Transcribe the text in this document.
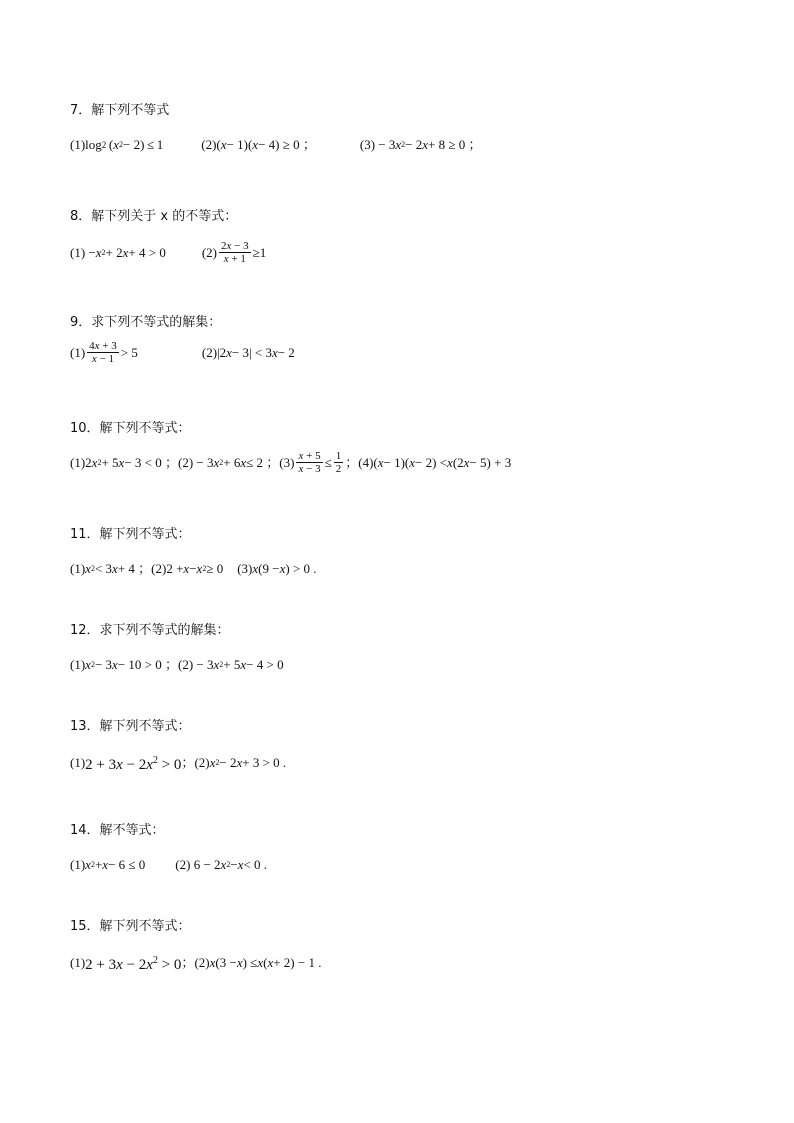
7．解下列不等式

(1)log 2  ( x 2 − 2) ≤ 1	(2)( x − 1)( x − 4) ≥ 0 ；	(3) − 3 x 2 − 2 x + 8 ≥ 0 ；

8．解下列关于 x 的不等式：

(1) − x 2 + 2 x + 4 > 0	$(2) \frac{2x - 3}{x + 1} \ge 1$

9．求下列不等式的解集：

$(1) \frac{4x + 3}{x - 1} > 5$	(2)|2 x − 3| < 3 x − 2

10．解下列不等式：

(1)2 x 2 + 5 x − 3 < 0 ； (2) − 3 x 2 + 6 x ≤ 2 ； $(3) \frac{x + 5}{x - 3} \le \frac{1}{2}$ ； (4)( x − 1)( x − 2) < x (2 x − 5) + 3

11．解下列不等式：

(1) x 2 < 3 x + 4 ； (2)2 + x − x 2 ≥ 0 (3) x (9 − x ) > 0 .

12．求下列不等式的解集：

(1) x 2 − 3 x − 10 > 0 ； (2) − 3 x 2 + 5 x − 4 > 0

13．解下列不等式：

(1) $2 + 3x - 2x^2 > 0$ ； (2) x 2 − 2 x + 3 > 0 .

14．解不等式：

(1) x 2 + x − 6 ≤ 0 (2) 6 − 2 x 2 − x < 0 .

15．解下列不等式：

(1) $2 + 3x - 2x^2 > 0$ ； (2) x (3 − x ) ≤ x ( x + 2) − 1 .
